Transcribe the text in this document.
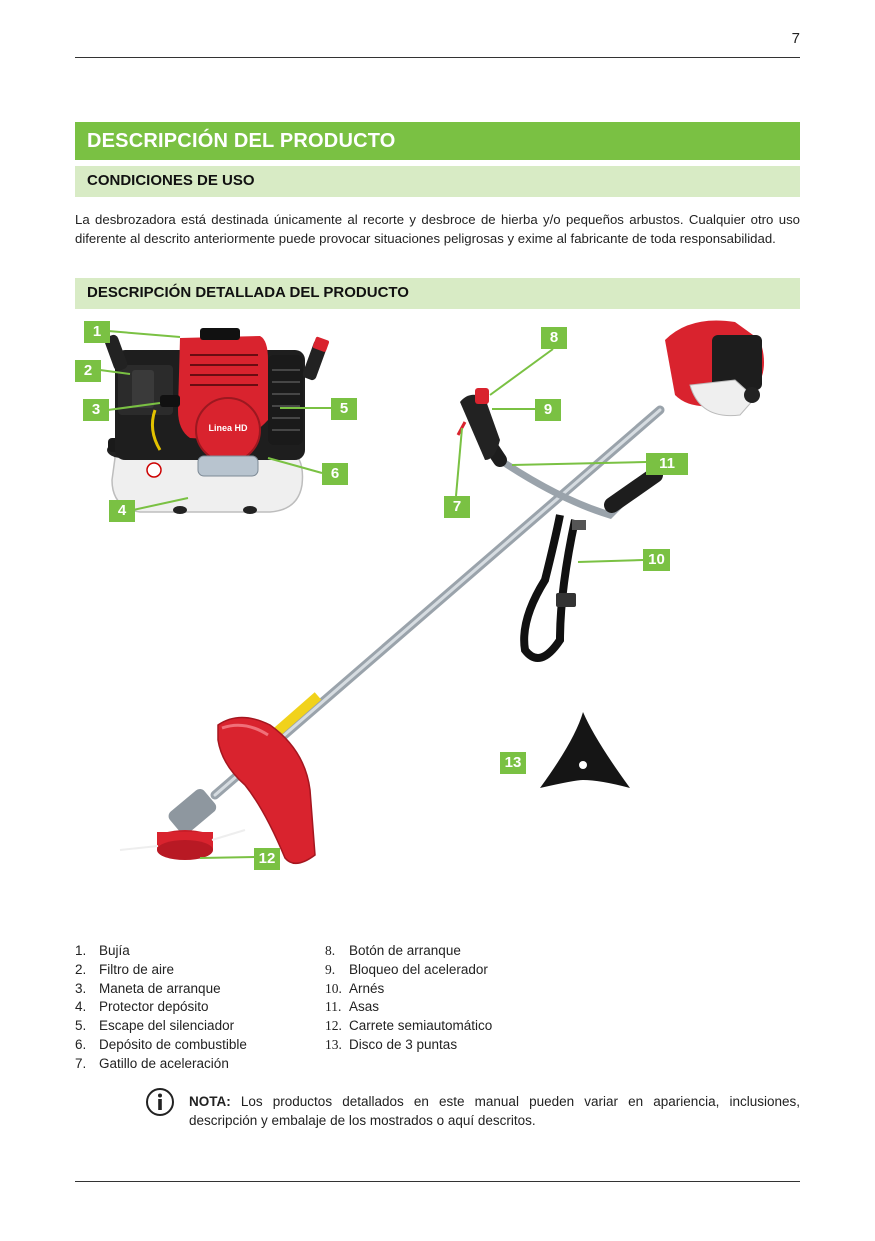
7
DESCRIPCIÓN DEL PRODUCTO
CONDICIONES DE USO

La desbrozadora está destinada únicamente al recorte y desbroce de hierba y/o pequeños arbustos. Cualquier otro uso diferente al descrito anteriormente puede provocar situaciones peligrosas y exime al fabricante de toda responsabilidad.

DESCRIPCIÓN DETALLADA DEL PRODUCTO
Linea HD
1
2
3
4
5
6
7
8
9
11
10
13
12
1. Bujía
2. Filtro de aire
3. Maneta de arranque
4. Protector depósito
5. Escape del silenciador
6. Depósito de combustible
7. Gatillo de aceleración
8.	Botón de arranque
9.	Bloqueo del acelerador
10. Arnés
11. Asas
12. Carrete semiautomático
13. Disco de 3 puntas

NOTA: Los productos detallados en este manual pueden variar en apariencia, inclusiones, descripción y embalaje de los mostrados o aquí descritos.
